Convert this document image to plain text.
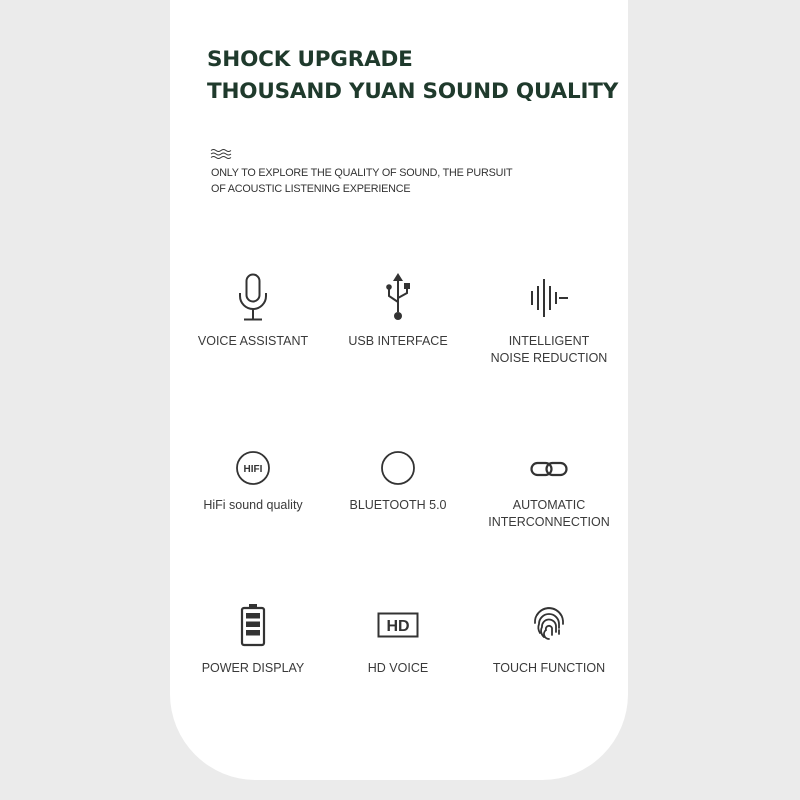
SHOCK UPGRADE
THOUSAND YUAN SOUND QUALITY
ONLY TO EXPLORE THE QUALITY OF SOUND, THE PURSUIT
OF ACOUSTIC LISTENING EXPERIENCE
VOICE ASSISTANT	USB INTERFACE	INTELLIGENT
NOISE REDUCTION
HIFI
HiFi sound quality	BLUETOOTH 5.0	AUTOMATIC
INTERCONNECTION
POWER DISPLAY
HD
HD VOICE	TOUCH FUNCTION
